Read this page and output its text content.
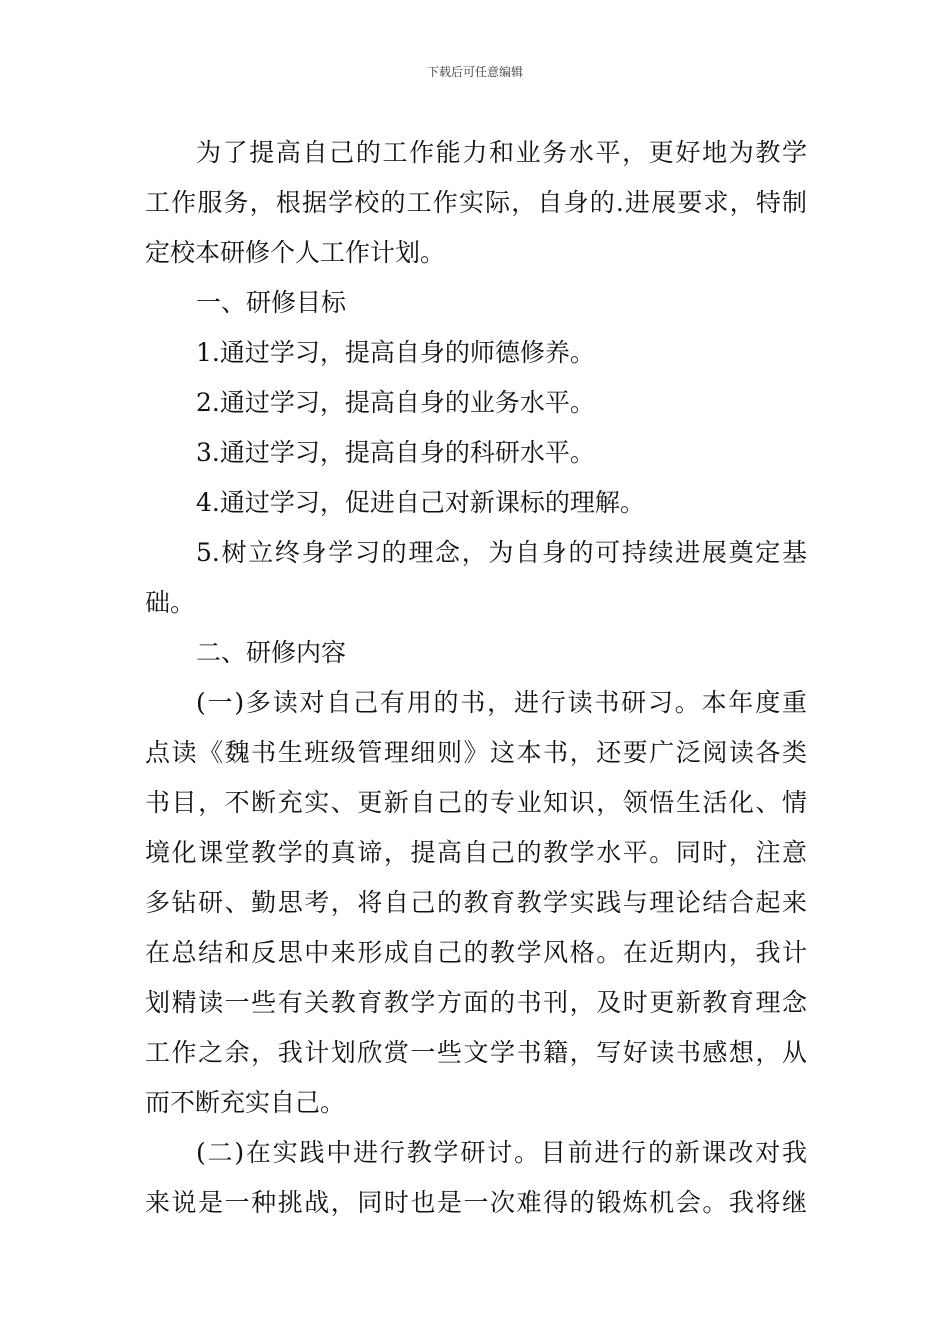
下载后可任意编辑
为了提高自己的工作能力和业务水平，更好地为教学
工作服务，根据学校的工作实际，自身的.进展要求，特制
定校本研修个人工作计划。
一、研修目标
1.通过学习，提高自身的师德修养。
2.通过学习，提高自身的业务水平。
3.通过学习，提高自身的科研水平。
4.通过学习，促进自己对新课标的理解。
5.树立终身学习的理念，为自身的可持续进展奠定基
础。
二、研修内容
(一)多读对自己有用的书，进行读书研习。本年度重
点读《魏书生班级管理细则》这本书，还要广泛阅读各类
书目，不断充实、更新自己的专业知识，领悟生活化、情
境化课堂教学的真谛，提高自己的教学水平。同时，注意
多钻研、勤思考，将自己的教育教学实践与理论结合起来
在总结和反思中来形成自己的教学风格。在近期内，我计
划精读一些有关教育教学方面的书刊，及时更新教育理念
工作之余，我计划欣赏一些文学书籍，写好读书感想，从
而不断充实自己。
(二)在实践中进行教学研讨。目前进行的新课改对我
来说是一种挑战，同时也是一次难得的锻炼机会。我将继
